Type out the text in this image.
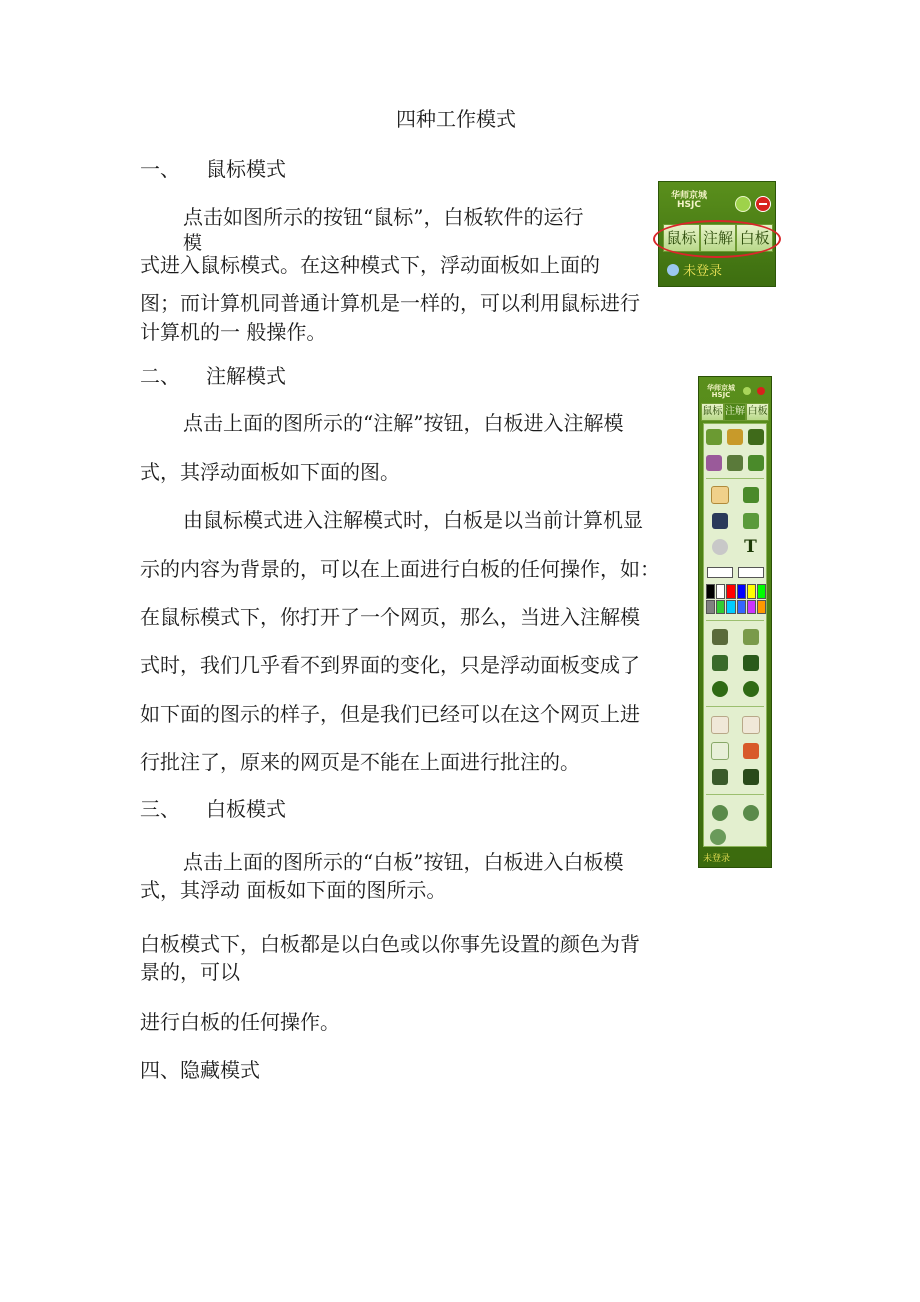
四种工作模式

一、 鼠标模式

点击如图所示的按钮“鼠标”，白板软件的运行

模

式进入鼠标模式。在这种模式下，浮动面板如上面的

图；而计算机同普通计算机是一样的，可以利用鼠标进行

计算机的一 般操作。

二、 注解模式

点击上面的图所示的“注解”按钮，白板进入注解模

式，其浮动面板如下面的图。

由鼠标模式进入注解模式时，白板是以当前计算机显

示的内容为背景的，可以在上面进行白板的任何操作，如：

在鼠标模式下，你打开了一个网页，那么，当进入注解模

式时，我们几乎看不到界面的变化，只是浮动面板变成了

如下面的图示的样子，但是我们已经可以在这个网页上进

行批注了，原来的网页是不能在上面进行批注的。

三、 白板模式

点击上面的图所示的“白板”按钮，白板进入白板模

式，其浮动 面板如下面的图所示。

白板模式下，白板都是以白色或以你事先设置的颜色为背

景的，可以

进行白板的任何操作。

四、隐藏模式

华师京城 HSJC
鼠标 注解 白板
未登录
华师京城 HSJC
鼠标 注解 白板
T
未登录
